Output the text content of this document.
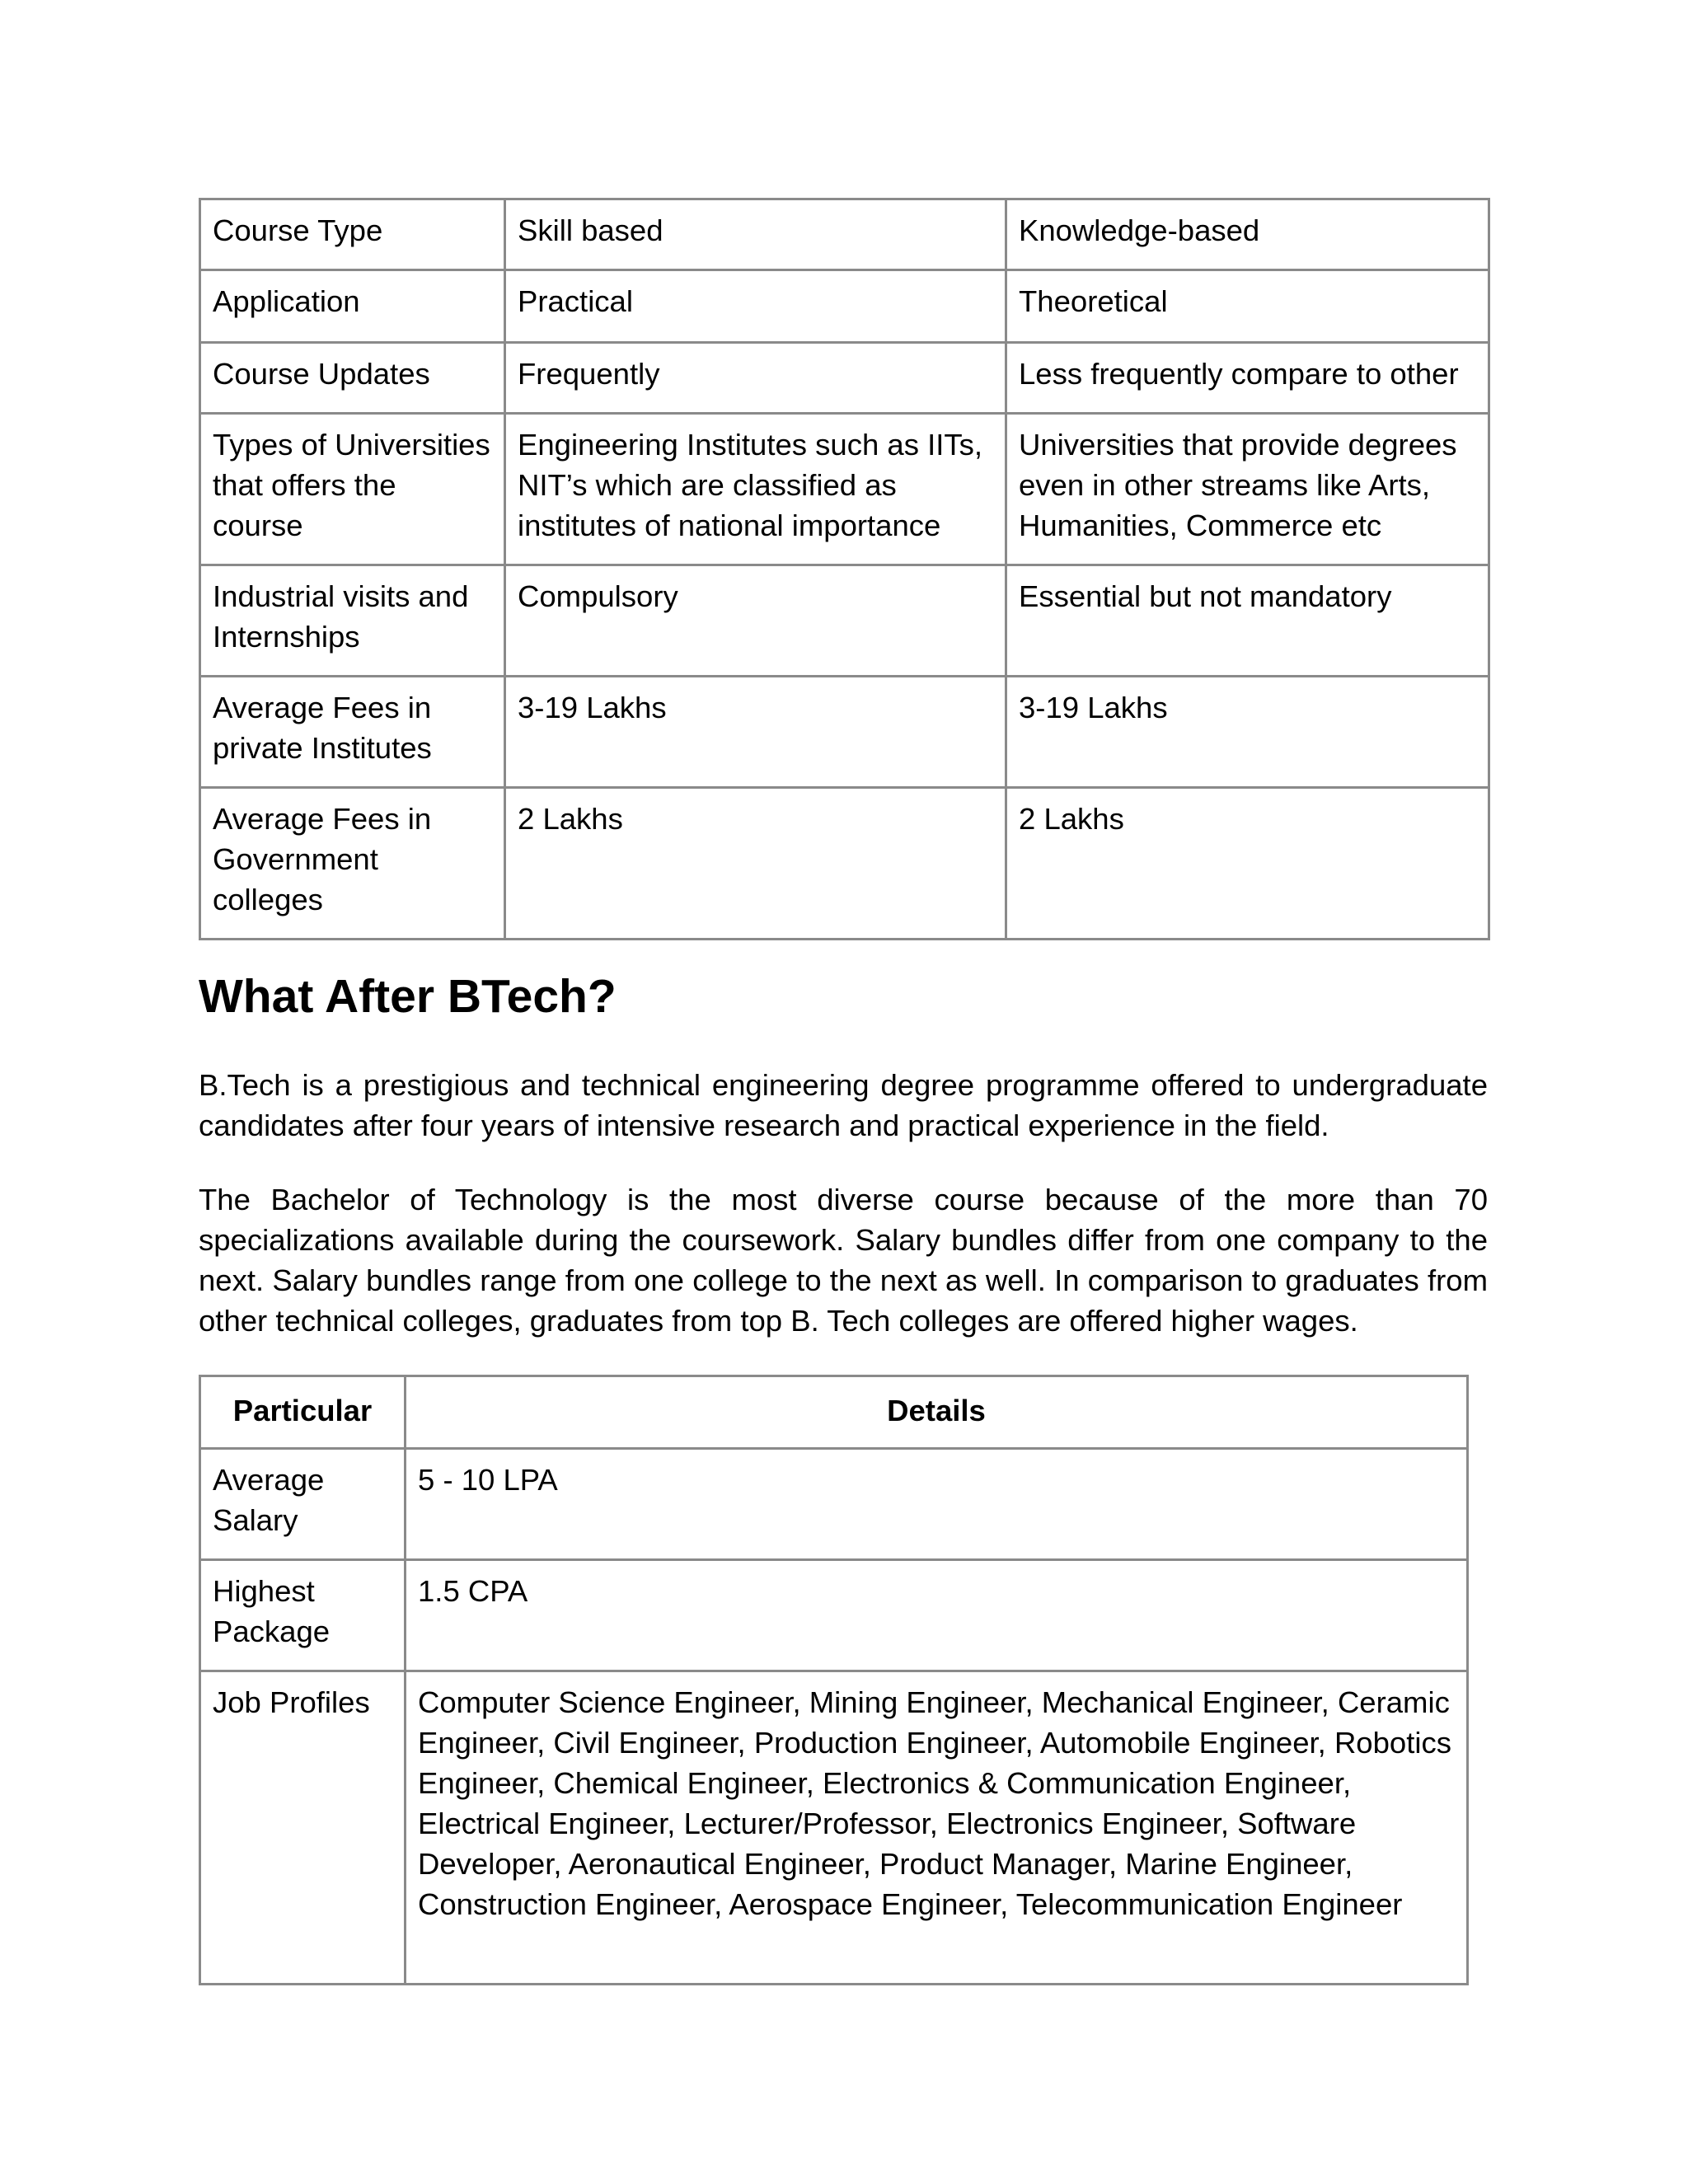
Course Type	Skill based	Knowledge-based
Application	Practical	Theoretical
Course Updates	Frequently	Less frequently compare to other
Types of Universities that offers the course	Engineering Institutes such as IITs, NIT’s which are classified as institutes of national importance	Universities that provide degrees even in other streams like Arts, Humanities, Commerce etc
Industrial visits and Internships	Compulsory	Essential but not mandatory
Average Fees in private Institutes	3-19 Lakhs	3-19 Lakhs
Average Fees in Government colleges	2 Lakhs	2 Lakhs
What After BTech?

B.Tech is a prestigious and technical engineering degree programme offered to undergraduate candidates after four years of intensive research and practical experience in the field.

The Bachelor of Technology is the most diverse course because of the more than 70 specializations available during the coursework. Salary bundles differ from one company to the next. Salary bundles range from one college to the next as well. In comparison to graduates from other technical colleges, graduates from top B. Tech colleges are offered higher wages.

Particular	Details
Average Salary	5 - 10 LPA
Highest Package	1.5 CPA
Job Profiles	Computer Science Engineer, Mining Engineer, Mechanical Engineer, Ceramic Engineer, Civil Engineer, Production Engineer, Automobile Engineer, Robotics Engineer, Chemical Engineer, Electronics & Communication Engineer, Electrical Engineer, Lecturer/Professor, Electronics Engineer, Software Developer, Aeronautical Engineer, Product Manager, Marine Engineer, Construction Engineer, Aerospace Engineer, Telecommunication Engineer
